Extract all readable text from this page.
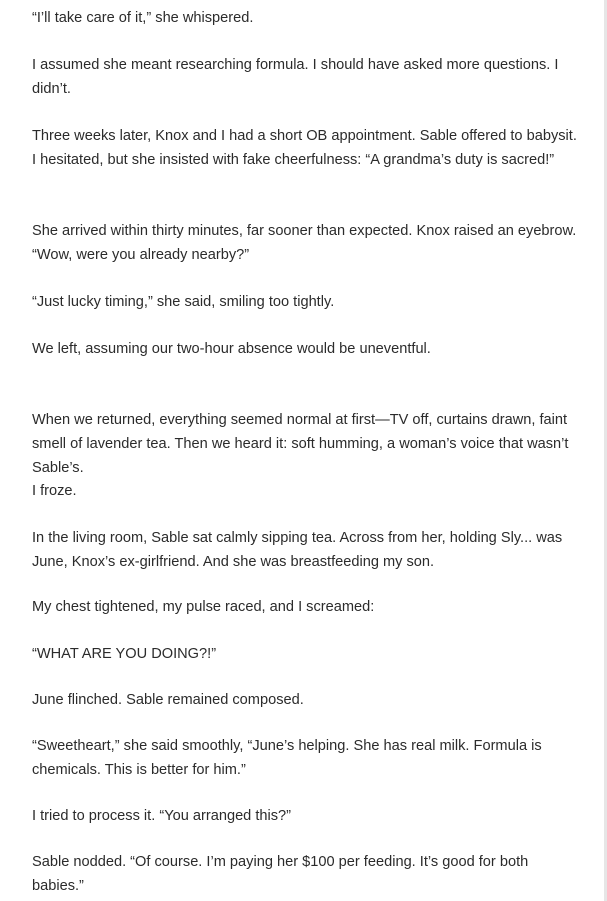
“I’ll take care of it,” she whispered.

I assumed she meant researching formula. I should have asked more questions. I didn’t.

Three weeks later, Knox and I had a short OB appointment. Sable offered to babysit. I hesitated, but she insisted with fake cheerfulness: “A grandma’s duty is sacred!”

She arrived within thirty minutes, far sooner than expected. Knox raised an eyebrow. “Wow, were you already nearby?”

“Just lucky timing,” she said, smiling too tightly.

We left, assuming our two-hour absence would be uneventful.

When we returned, everything seemed normal at first—TV off, curtains drawn, faint smell of lavender tea. Then we heard it: soft humming, a woman’s voice that wasn’t Sable’s.

I froze.

In the living room, Sable sat calmly sipping tea. Across from her, holding Sly... was June, Knox’s ex-girlfriend. And she was breastfeeding my son.

My chest tightened, my pulse raced, and I screamed:

“WHAT ARE YOU DOING?!”

June flinched. Sable remained composed.

“Sweetheart,” she said smoothly, “June’s helping. She has real milk. Formula is chemicals. This is better for him.”

I tried to process it. “You arranged this?”

Sable nodded. “Of course. I’m paying her $100 per feeding. It’s good for both babies.”
